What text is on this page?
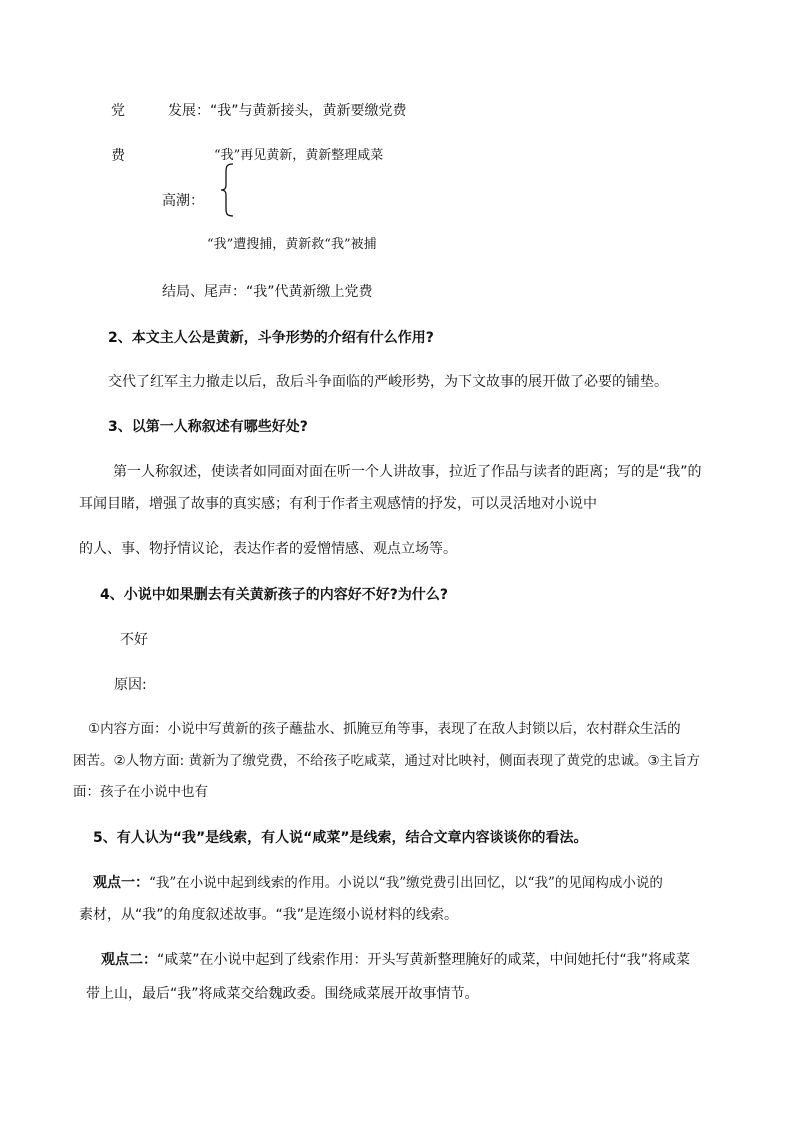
党	发展：“我”与黄新接头，黄新要缴党费
费	“我”再见黄新，黄新整理咸菜
高潮：
“我”遭搜捕，黄新救“我”被捕
结局、尾声：“我”代黄新缴上党费
2、本文主人公是黄新，斗争形势的介绍有什么作用?
交代了红军主力撤走以后，敌后斗争面临的严峻形势，为下文故事的展开做了必要的铺垫。
3、以第一人称叙述有哪些好处?
第一人称叙述，使读者如同面对面在听一个人讲故事，拉近了作品与读者的距离；写的是“我”的
耳闻目睹，增强了故事的真实感；有利于作者主观感情的抒发，可以灵活地对小说中
的人、事、物抒情议论，表达作者的爱憎情感、观点立场等。
4、小说中如果删去有关黄新孩子的内容好不好?为什么?
不好
原因:
①内容方面：小说中写黄新的孩子蘸盐水、抓腌豆角等事，表现了在敌人封锁以后，农村群众生活的
困苦。②人物方面: 黄新为了缴党费，不给孩子吃咸菜，通过对比映衬，侧面表现了黄党的忠诚。③主旨方
面：孩子在小说中也有
5、有人认为“我”是线索，有人说“咸菜”是线索，结合文章内容谈谈你的看法。
观点一：“我”在小说中起到线索的作用。小说以“我”缴党费引出回忆，以“我”的见闻构成小说的
素材，从“我”的角度叙述故事。“我”是连缀小说材料的线索。
观点二：“咸菜”在小说中起到了线索作用：开头写黄新整理腌好的咸菜，中间她托付“我”将咸菜
带上山，最后“我”将咸菜交给魏政委。围绕咸菜展开故事情节。
